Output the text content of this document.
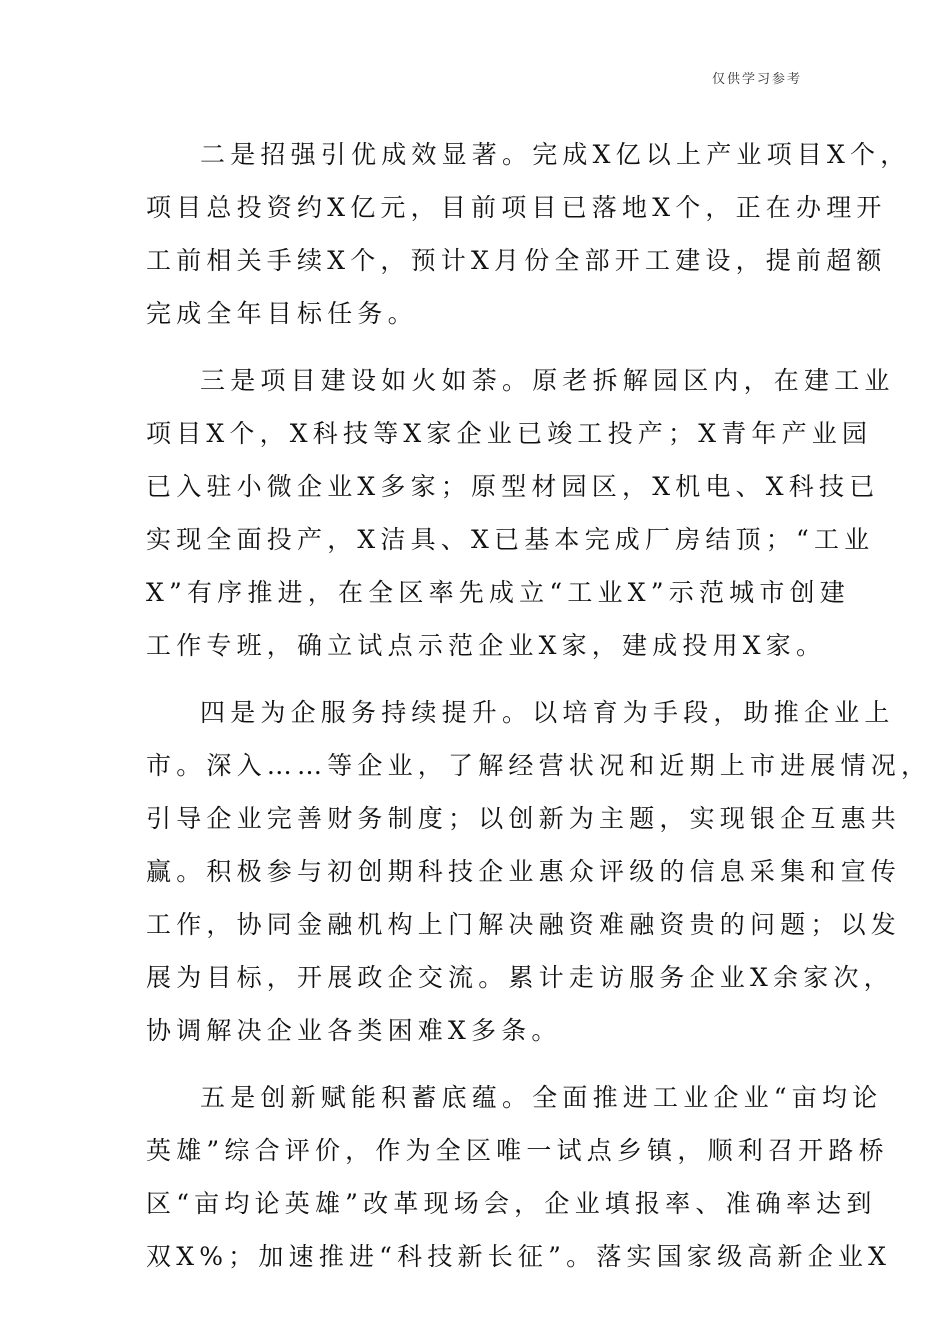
仅供学习参考
二是招强引优成效显著。完成X亿以上产业项目X个，
项目总投资约X亿元，目前项目已落地X个，正在办理开
工前相关手续X个，预计X月份全部开工建设，提前超额
完成全年目标任务。
三是项目建设如火如荼。原老拆解园区内，在建工业
项目X个，X科技等X家企业已竣工投产；X青年产业园
已入驻小微企业X多家；原型材园区，X机电、X科技已
实现全面投产，X洁具、X已基本完成厂房结顶；“工业
X”有序推进，在全区率先成立“工业X”示范城市创建
工作专班，确立试点示范企业X家，建成投用X家。
四是为企服务持续提升。以培育为手段，助推企业上
市。深入……等企业，了解经营状况和近期上市进展情况，
引导企业完善财务制度；以创新为主题，实现银企互惠共
赢。积极参与初创期科技企业惠众评级的信息采集和宣传
工作，协同金融机构上门解决融资难融资贵的问题；以发
展为目标，开展政企交流。累计走访服务企业X余家次，
协调解决企业各类困难X多条。
五是创新赋能积蓄底蕴。全面推进工业企业“亩均论
英雄”综合评价，作为全区唯一试点乡镇，顺利召开路桥
区“亩均论英雄”改革现场会，企业填报率、准确率达到
双X%；加速推进“科技新长征”。落实国家级高新企业X
